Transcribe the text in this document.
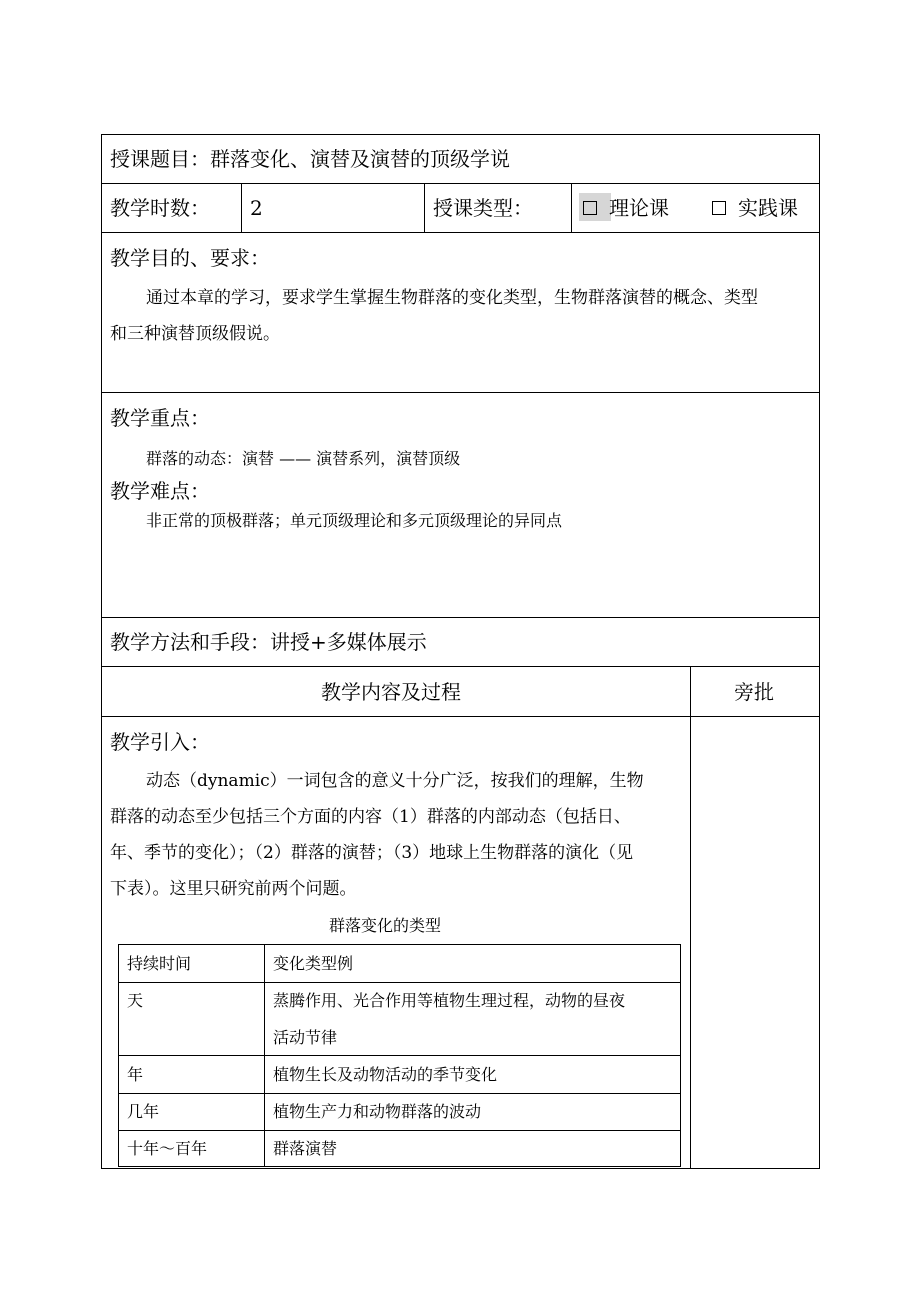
授课题目：群落变化、演替及演替的顶级学说
教学时数： 2	授课类型：	理论课	实践课
教学目的、要求：
通过本章的学习，要求学生掌握生物群落的变化类型，生物群落演替的概念、类型
和三种演替顶级假说。
教学重点：
群落的动态：演替 —— 演替系列，演替顶级
教学难点：
非正常的顶极群落；单元顶级理论和多元顶级理论的异同点
教学方法和手段：讲授+多媒体展示
教学内容及过程	旁批
教学引入：
动态（dynamic）一词包含的意义十分广泛，按我们的理解，生物
群落的动态至少包括三个方面的内容（1）群落的内部动态（包括日、
年、季节的变化）；（2）群落的演替；（3）地球上生物群落的演化（见
下表）。这里只研究前两个问题。
群落变化的类型
持续时间	变化类型例
天	蒸腾作用、光合作用等植物生理过程，动物的昼夜
活动节律
年	植物生长及动物活动的季节变化
几年	植物生产力和动物群落的波动
十年～百年	群落演替
